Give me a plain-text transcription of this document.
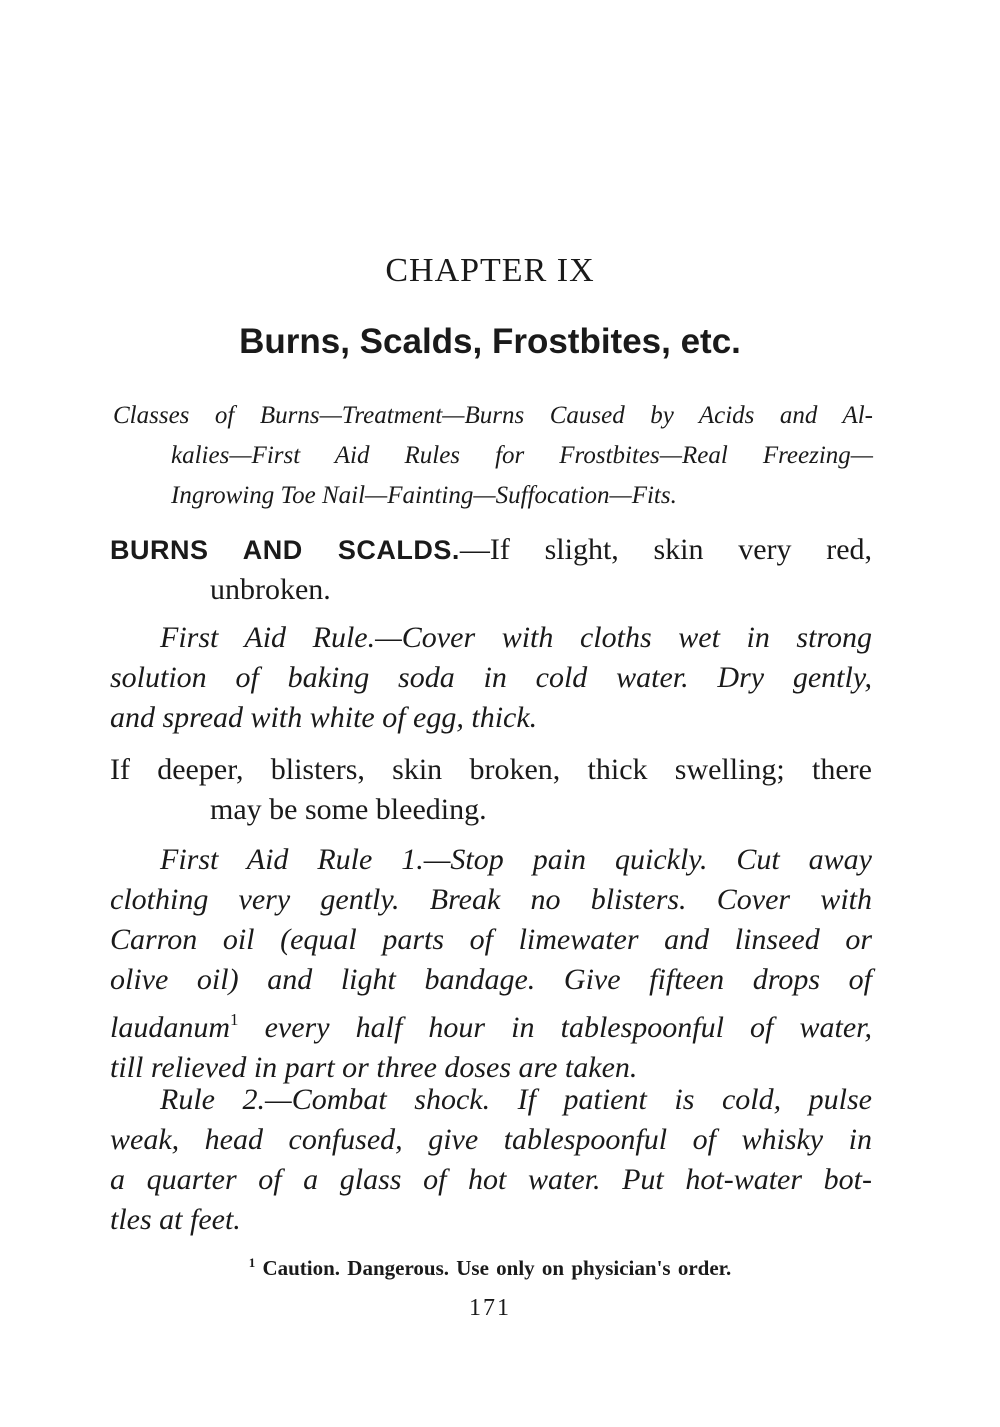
CHAPTER IX
Burns, Scalds, Frostbites, etc.
Classes of Burns—Treatment—Burns Caused by Acids and Al-
kalies—First Aid Rules for Frostbites—Real Freezing—
Ingrowing Toe Nail—Fainting—Suffocation—Fits.
BURNS AND SCALDS.—If slight, skin very red,
unbroken.
First Aid Rule.—Cover with cloths wet in strong
solution of baking soda in cold water. Dry gently,
and spread with white of egg, thick.
If deeper, blisters, skin broken, thick swelling; there
may be some bleeding.
First Aid Rule 1.—Stop pain quickly. Cut away
clothing very gently. Break no blisters. Cover with
Carron oil (equal parts of limewater and linseed or
olive oil) and light bandage. Give fifteen drops of
laudanum$^1$ every half hour in tablespoonful of water,
till relieved in part or three doses are taken.
Rule 2.—Combat shock. If patient is cold, pulse
weak, head confused, give tablespoonful of whisky in
a quarter of a glass of hot water. Put hot-water bot-
tles at feet.
$^1$ Caution. Dangerous. Use only on physician's order.
171
